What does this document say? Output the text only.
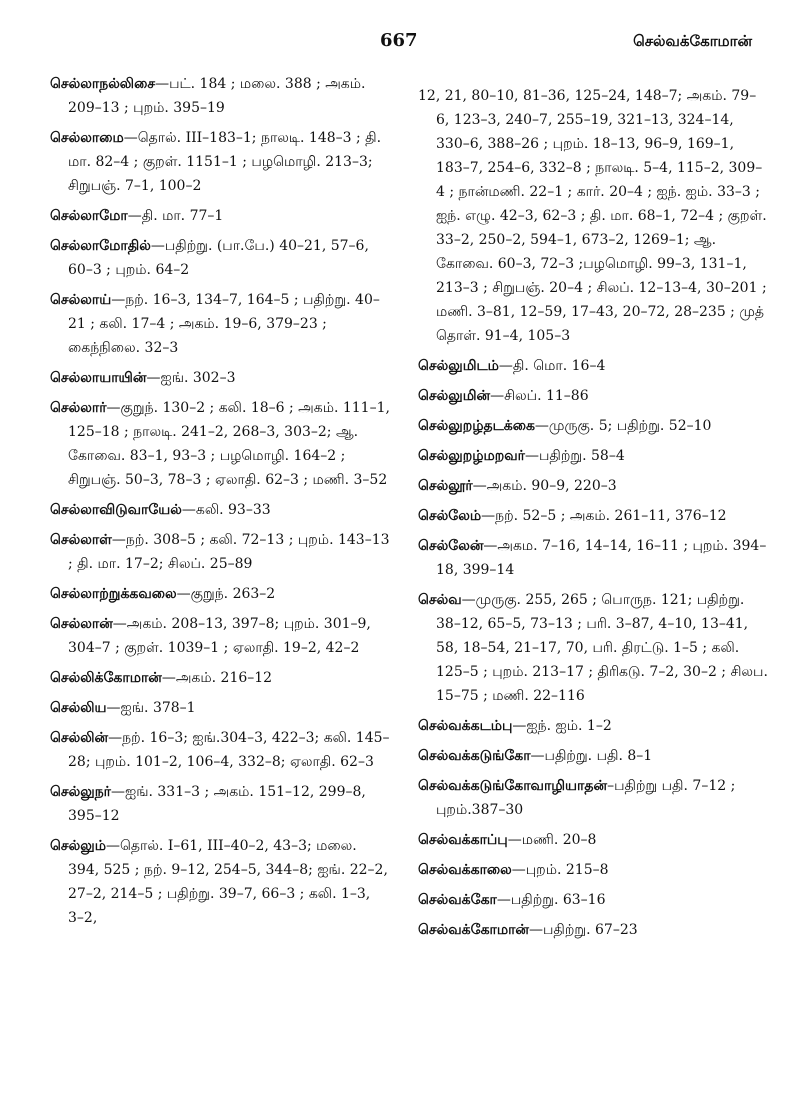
667	செல்வக்கோமான்
செல்லாநல்லிசை—பட். 184 ; மலை. 388 ; அகம். 209–13 ; புறம். 395–19
செல்லாமை—தொல். III–183–1; நாலடி. 148–3 ; தி. மா. 82–4 ; குறள். 1151–1 ; பழமொழி. 213–3; சிறுபஞ். 7–1, 100–2
செல்லாமோ—தி. மா. 77–1
செல்லாமோதில்—பதிற்று. (பா.பே.) 40–21, 57–6, 60–3 ; புறம். 64–2
செல்லாய்—நற். 16–3, 134–7, 164–5 ; பதிற்று. 40–21 ; கலி. 17–4 ; அகம். 19–6, 379–23 ; கைந்நிலை. 32–3
செல்லாயாயின்—ஐங். 302–3
செல்லார்—குறுந். 130–2 ; கலி. 18–6 ; அகம். 111–1, 125–18 ; நாலடி. 241–2, 268–3, 303–2; ஆ. கோவை. 83–1, 93–3 ; பழமொழி. 164–2 ; சிறுபஞ். 50–3, 78–3 ; ஏலாதி. 62–3 ; மணி. 3–52
செல்லாவிடுவாயேல்—கலி. 93–33
செல்லாள்—நற். 308–5 ; கலி. 72–13 ; புறம். 143–13 ; தி. மா. 17–2; சிலப். 25–89
செல்லாற்றுக்கவலை—குறுந். 263–2
செல்லான்—அகம். 208–13, 397–8; புறம். 301–9, 304–7 ; குறள். 1039–1 ; ஏலாதி. 19–2, 42–2
செல்லிக்கோமான்—அகம். 216–12
செல்லிய—ஐங். 378–1
செல்லின்—நற். 16–3; ஐங்.304–3, 422–3; கலி. 145–28; புறம். 101–2, 106–4, 332–8; ஏலாதி. 62–3
செல்லுநர்—ஐங். 331–3 ; அகம். 151–12, 299–8, 395–12
செல்லும்—தொல். I–61, III–40–2, 43–3; மலை. 394, 525 ; நற். 9–12, 254–5, 344–8; ஐங். 22–2, 27–2, 214–5 ; பதிற்று. 39–7, 66–3 ; கலி. 1–3, 3–2,
12, 21, 80–10, 81–36, 125–24, 148–7; அகம். 79–6, 123–3, 240–7, 255–19, 321–13, 324–14, 330–6, 388–26 ; புறம். 18–13, 96–9, 169–1, 183–7, 254–6, 332–8 ; நாலடி. 5–4, 115–2, 309–4 ; நான்மணி. 22–1 ; கார். 20–4 ; ஐந். ஐம். 33–3 ; ஐந். எழு. 42–3, 62–3 ; தி. மா. 68–1, 72–4 ; குறள். 33–2, 250–2, 594–1, 673–2, 1269–1; ஆ. கோவை. 60–3, 72–3 ;பழமொழி. 99–3, 131–1, 213–3 ; சிறுபஞ். 20–4 ; சிலப். 12–13–4, 30–201 ; மணி. 3–81, 12–59, 17–43, 20–72, 28–235 ; முத் தொள். 91–4, 105–3
செல்லுமிடம்—தி. மொ. 16–4
செல்லுமின்—சிலப். 11–86
செல்லுறழ்தடக்கை—முருகு. 5; பதிற்று. 52–10
செல்லுறழ்மறவர்—பதிற்று. 58–4
செல்லூர்—அகம். 90–9, 220–3
செல்லேம்—நற். 52–5 ; அகம். 261–11, 376–12
செல்லேன்—அகம. 7–16, 14–14, 16–11 ; புறம். 394–18, 399–14
செல்வ—முருகு. 255, 265 ; பொருந. 121; பதிற்று. 38–12, 65–5, 73–13 ; பரி. 3–87, 4–10, 13–41, 58, 18–54, 21–17, 70, பரி. திரட்டு. 1–5 ; கலி. 125–5 ; புறம். 213–17 ; திரிகடு. 7–2, 30–2 ; சிலப. 15–75 ; மணி. 22–116
செல்வக்கடம்பு—ஐந். ஐம். 1–2
செல்வக்கடுங்கோ—பதிற்று. பதி. 8–1
செல்வக்கடுங்கோவாழியாதன்–பதிற்று பதி. 7–12 ; புறம்.387–30
செல்வக்காப்பு—மணி. 20–8
செல்வக்காலை—புறம். 215–8
செல்வக்கோ—பதிற்று. 63–16
செல்வக்கோமான்—பதிற்று. 67–23
